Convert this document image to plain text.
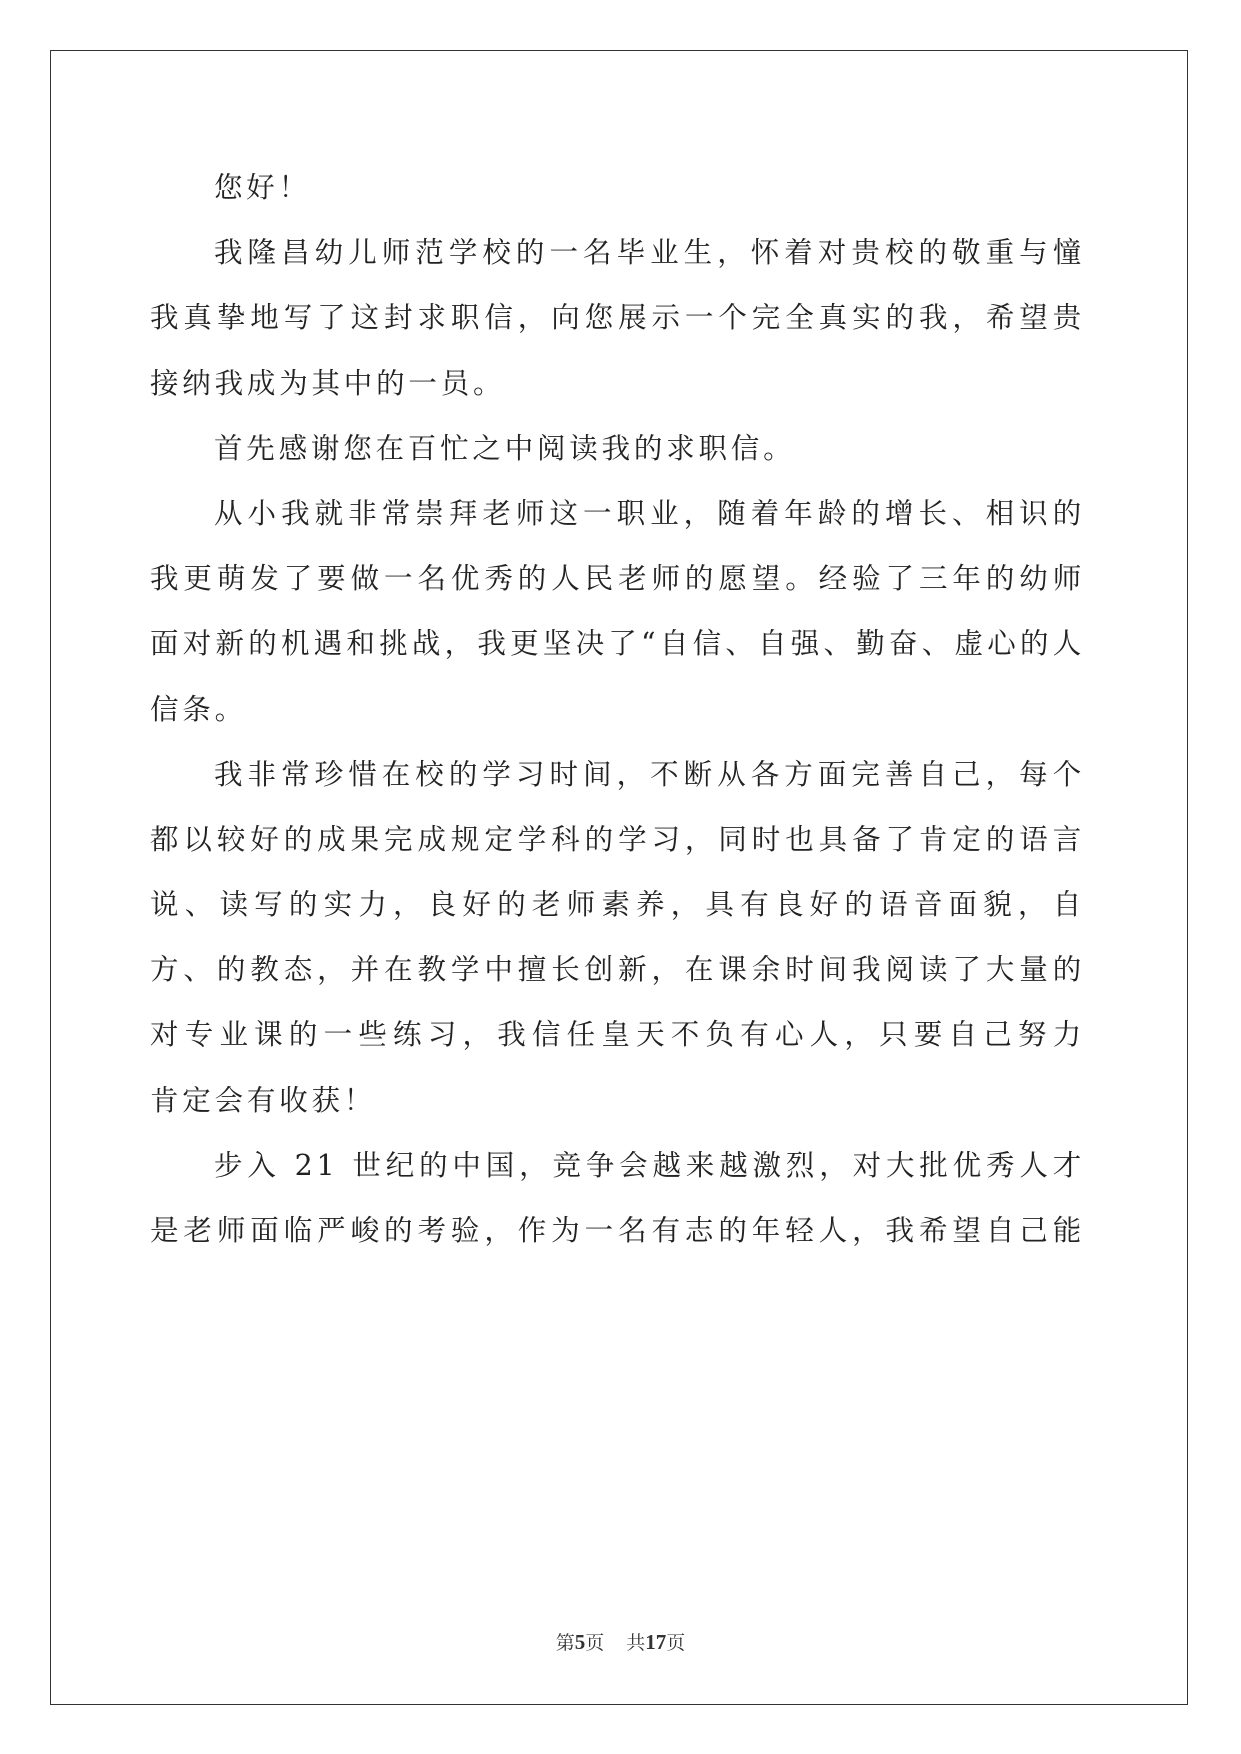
您好！
我隆昌幼儿师范学校的一名毕业生，怀着对贵校的敬重与憧
我真挚地写了这封求职信，向您展示一个完全真实的我，希望贵
接纳我成为其中的一员。
首先感谢您在百忙之中阅读我的求职信。
从小我就非常崇拜老师这一职业，随着年龄的增长、相识的
我更萌发了要做一名优秀的人民老师的愿望。经验了三年的幼师
面对新的机遇和挑战，我更坚决了“自信、自强、勤奋、虚心的人
信条。
我非常珍惜在校的学习时间，不断从各方面完善自己，每个
都以较好的成果完成规定学科的学习，同时也具备了肯定的语言
说、读写的实力，良好的老师素养，具有良好的语音面貌，自
方、的教态，并在教学中擅长创新，在课余时间我阅读了大量的
对专业课的一些练习，我信任皇天不负有心人，只要自己努力
肯定会有收获！
步入 21 世纪的中国，竞争会越来越激烈，对大批优秀人才
是老师面临严峻的考验，作为一名有志的年轻人，我希望自己能
第5页 共17页
